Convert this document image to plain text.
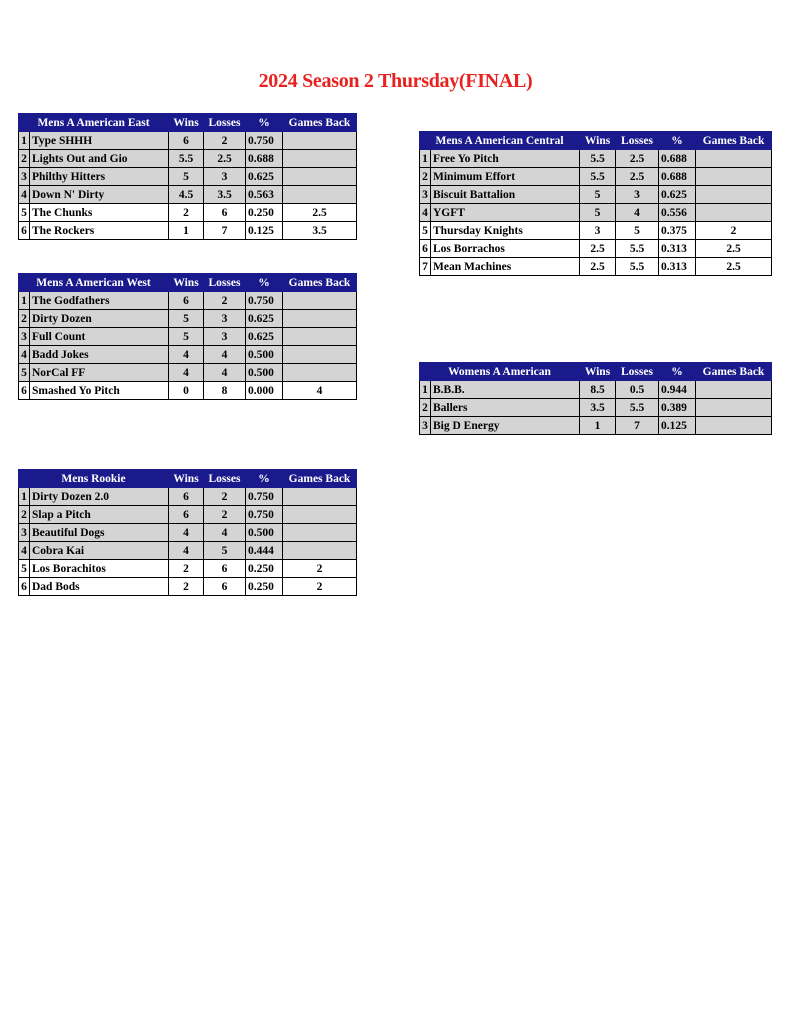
2024 Season 2 Thursday(FINAL)
Mens A American East		Wins	Losses	%	Games Back
1	Type SHHH	6	2	0.750	
2	Lights Out and Gio	5.5	2.5	0.688	
3	Philthy Hitters	5	3	0.625	
4	Down N' Dirty	4.5	3.5	0.563	
5	The Chunks	2	6	0.250	2.5
6	The Rockers	1	7	0.125	3.5
Mens A American West		Wins	Losses	%	Games Back
1	The Godfathers	6	2	0.750	
2	Dirty Dozen	5	3	0.625	
3	Full Count	5	3	0.625	
4	Badd Jokes	4	4	0.500	
5	NorCal FF	4	4	0.500	
6	Smashed Yo Pitch	0	8	0.000	4
Mens Rookie		Wins	Losses	%	Games Back
1	Dirty Dozen 2.0	6	2	0.750	
2	Slap a Pitch	6	2	0.750	
3	Beautiful Dogs	4	4	0.500	
4	Cobra Kai	4	5	0.444	
5	Los Borachitos	2	6	0.250	2
6	Dad Bods	2	6	0.250	2
Mens A American Central		Wins	Losses	%	Games Back
1	Free Yo Pitch	5.5	2.5	0.688	
2	Minimum Effort	5.5	2.5	0.688	
3	Biscuit Battalion	5	3	0.625	
4	YGFT	5	4	0.556	
5	Thursday Knights	3	5	0.375	2
6	Los Borrachos	2.5	5.5	0.313	2.5
7	Mean Machines	2.5	5.5	0.313	2.5
Womens A American		Wins	Losses	%	Games Back
1	B.B.B.	8.5	0.5	0.944	
2	Ballers	3.5	5.5	0.389	
3	Big D Energy	1	7	0.125	
